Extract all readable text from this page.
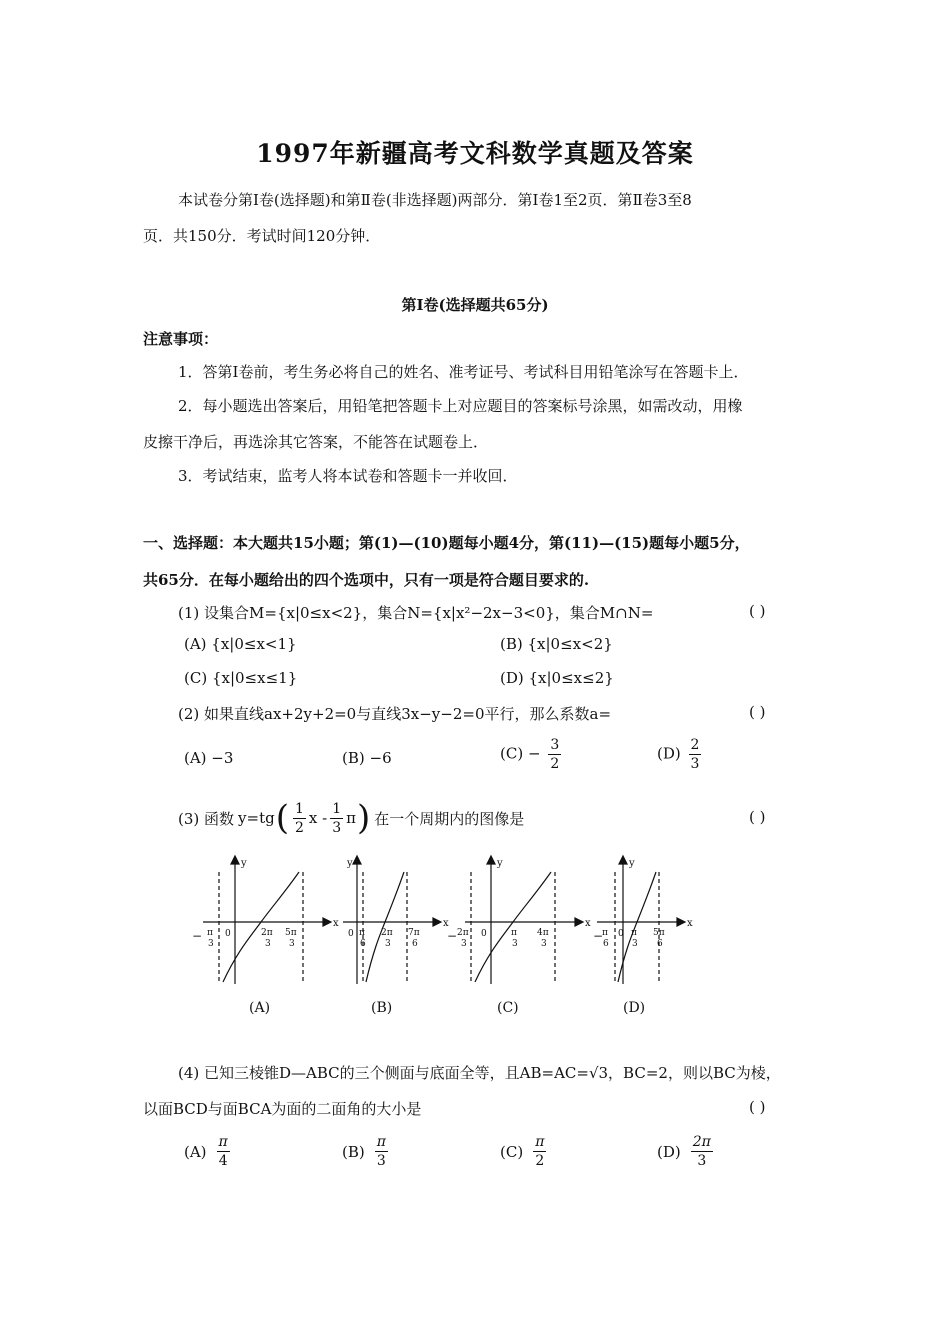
1997年新疆高考文科数学真题及答案
本试卷分第Ⅰ卷(选择题)和第Ⅱ卷(非选择题)两部分．第Ⅰ卷1至2页．第Ⅱ卷3至8
页．共150分．考试时间120分钟．
第Ⅰ卷(选择题共65分)
注意事项：
1．答第Ⅰ卷前，考生务必将自己的姓名、准考证号、考试科目用铅笔涂写在答题卡上．
2．每小题选出答案后，用铅笔把答题卡上对应题目的答案标号涂黑，如需改动，用橡
皮擦干净后，再选涂其它答案，不能答在试题卷上．
3．考试结束，监考人将本试卷和答题卡一并收回．
一、选择题：本大题共15小题；第(1)—(10)题每小题4分，第(11)—(15)题每小题5分，
共65分．在每小题给出的四个选项中，只有一项是符合题目要求的.
(1) 设集合M={x|0≤x<2}，集合N={x|x²−2x−3<0}，集合M∩N=	( )
(A) {x|0≤x<1}	(B) {x|0≤x<2}
(C) {x|0≤x≤1}	(D) {x|0≤x≤2}
(2) 如果直线ax+2y+2=0与直线3x−y−2=0平行，那么系数a=	( )
(A) −3	(B) −6	$(C) - \frac{3}{2}$	$(D) \frac{2}{3}$
(3) 函数 y=tg ( $\frac{1}{2}$ x - $\frac{1}{3}$ π ) 在一个周期内的图像是	( )
x
y
x
y
x
y
x
y
− π
3
0	2π
3
5π
3
0 π
6
2π
3
7π
6
− 2π
3
0	π
3
4π
3
−
π
6
0 π
3
5π
6
(A)	(B)	(C)	(D)
(4) 已知三棱锥D—ABC的三个侧面与底面全等，且AB=AC=√3，BC=2，则以BC为棱，
以面BCD与面BCA为面的二面角的大小是	( )
$(A) \frac{\pi}{4}$	$(B) \frac{\pi}{3}$	$(C) \frac{\pi}{2}$	$(D) \frac{2\pi}{3}$
